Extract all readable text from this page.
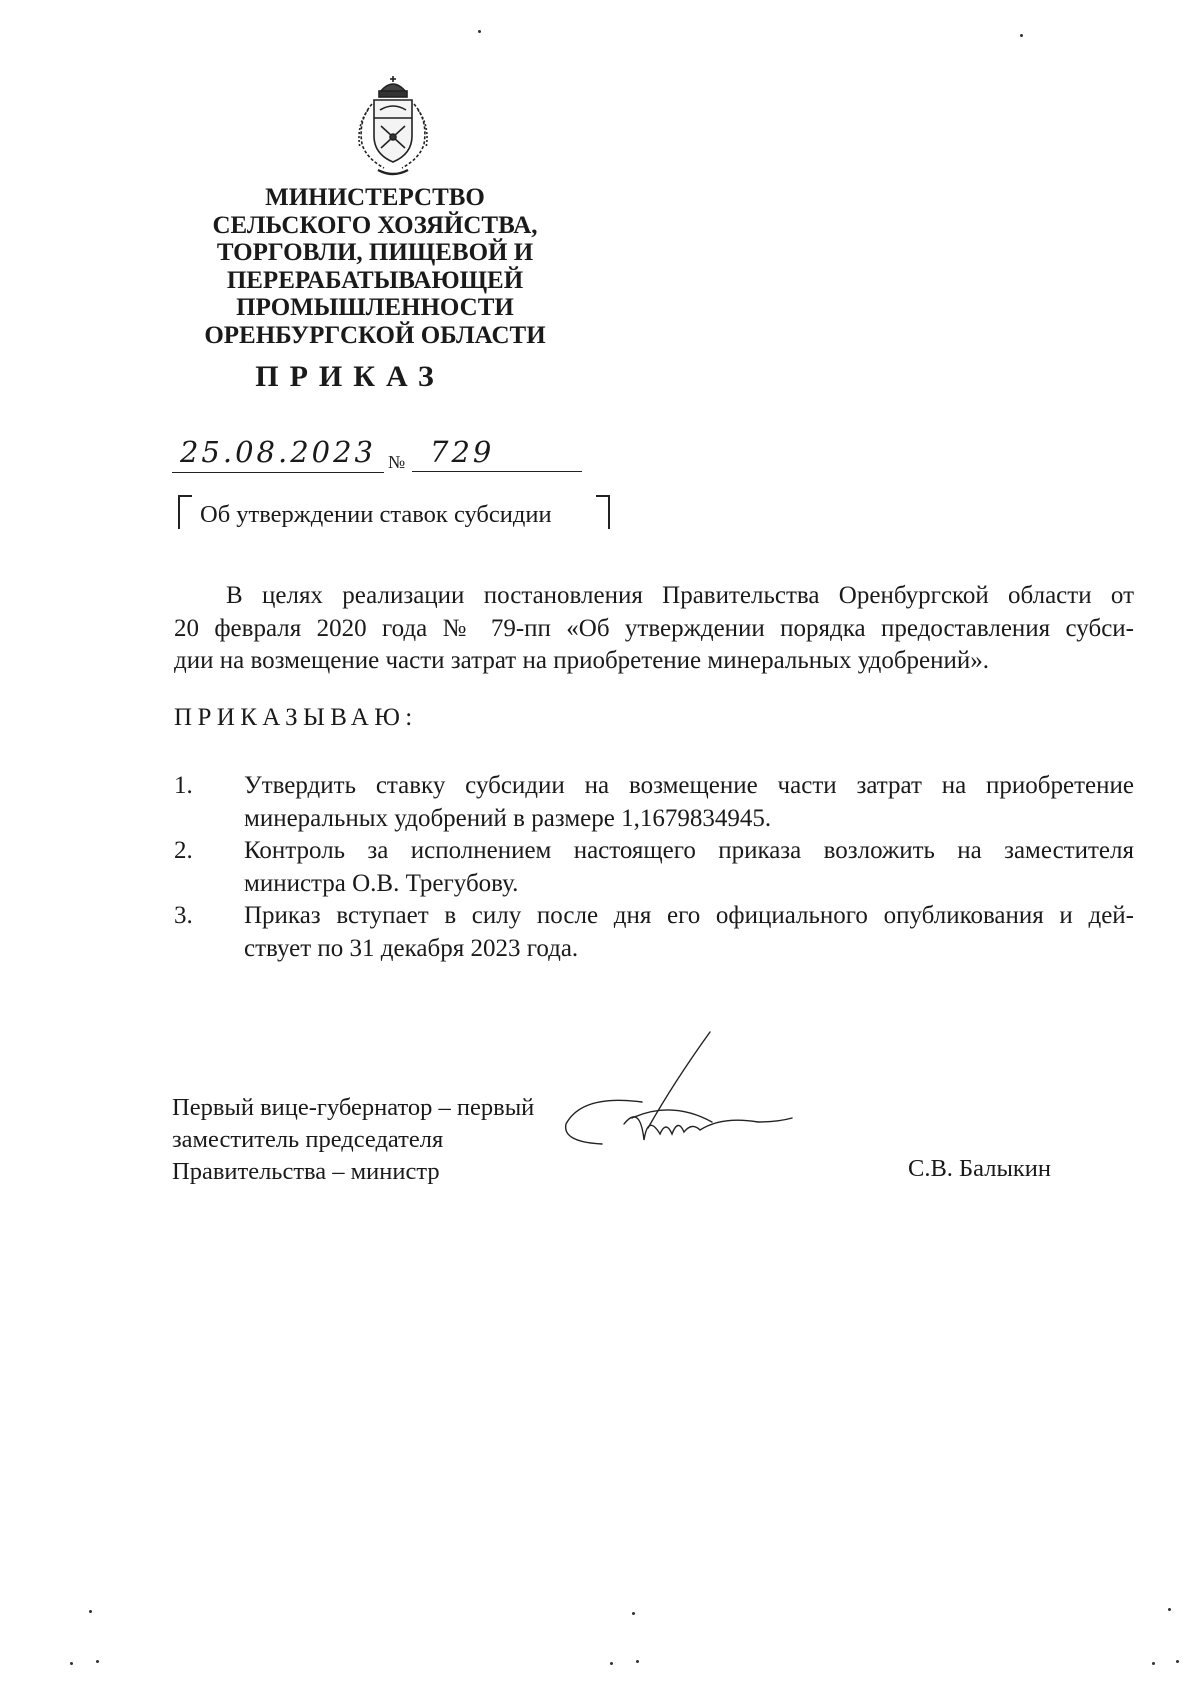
МИНИСТЕРСТВО
СЕЛЬСКОГО ХОЗЯЙСТВА,
ТОРГОВЛИ, ПИЩЕВОЙ И
ПЕРЕРАБАТЫВАЮЩЕЙ
ПРОМЫШЛЕННОСТИ
ОРЕНБУРГСКОЙ ОБЛАСТИ
ПРИКАЗ
25.08.2023 № 729
Об утверждении ставок субсидии
В целях реализации постановления Правительства Оренбургской области от
20 февраля 2020 года № 79-пп «Об утверждении порядка предоставления субси-
дии на возмещение части затрат на приобретение минеральных удобрений».
ПРИКАЗЫВАЮ:
1. Утвердить ставку субсидии на возмещение части затрат на приобретение
минеральных удобрений в размере 1,1679834945.
2. Контроль за исполнением настоящего приказа возложить на заместителя
министра О.В. Трегубову.
3. Приказ вступает в силу после дня его официального опубликования и дей-
ствует по 31 декабря 2023 года.
Первый вице-губернатор – первый
заместитель председателя
Правительства – министр	С.В. Балыкин
